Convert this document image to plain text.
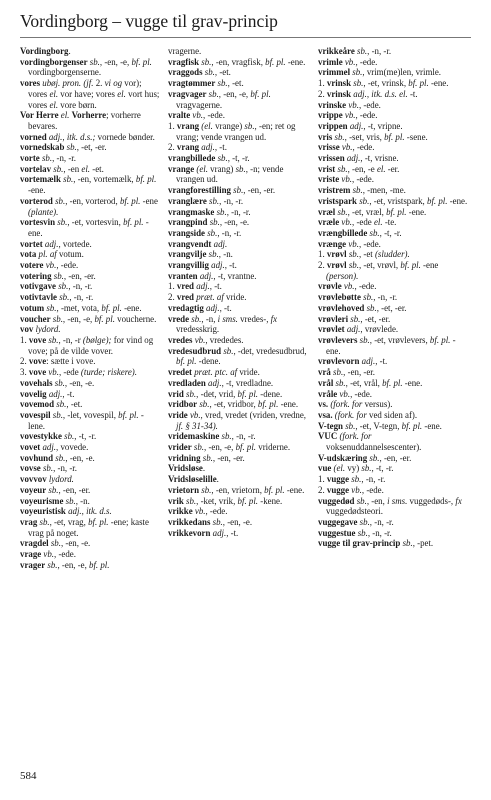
Vordingborg – vugge til grav-princip

Vordingborg.

vordingborgenser sb., -en, -e, bf. pl. vordingborgenserne.

vores ubøj. pron. (jf. 2. vi og vor); vores el. vor have; vores el. vort hus; vores el. vore børn.

Vor Herre el. Vorherre; vorherre bevares.

vorned adj., itk. d.s.; vornede bønder.

vornedskab sb., -et, -er.

vorte sb., -n, -r.

vortelav sb., -en el. -et.

vortemælk sb., -en, vortemælk, bf. pl. -ene.

vorterod sb., -en, vorterod, bf. pl. -ene (plante).

vortesvin sb., -et, vortesvin, bf. pl. -ene.

vortet adj., vortede.

vota pl. af votum.

votere vb., -ede.

votering sb., -en, -er.

votivgave sb., -n, -r.

votivtavle sb., -n, -r.

votum sb., -met, vota, bf. pl. -ene.

voucher sb., -en, -e, bf. pl. voucherne.

vov lydord.

1. vove sb., -n, -r (bølge); for vind og vove; på de vilde vover.

2. vove: sætte i vove.

3. vove vb., -ede (turde; riskere).

vovehals sb., -en, -e.

vovelig adj., -t.

vovemod sb., -et.

vovespil sb., -let, vovespil, bf. pl. -lene.

vovestykke sb., -t, -r.

vovet adj., vovede.

vovhund sb., -en, -e.

vovse sb., -n, -r.

vovvov lydord.

voyeur sb., -en, -er.

voyeurisme sb., -n.

voyeuristisk adj., itk. d.s.

vrag sb., -et, vrag, bf. pl. -ene; kaste vrag på noget.

vragdel sb., -en, -e.

vrage vb., -ede.

vrager sb., -en, -e, bf. pl.

vragerne.

vragfisk sb., -en, vragfisk, bf. pl. -ene.

vraggods sb., -et.

vragtømmer sb., -et.

vragvager sb., -en, -e, bf. pl. vragvagerne.

vralte vb., -ede.

1. vrang (el. vrange) sb., -en; ret og vrang; vende vrangen ud.

2. vrang adj., -t.

vrangbillede sb., -t, -r.

vrange (el. vrang) sb., -n; vende vrangen ud.

vrangforestilling sb., -en, -er.

vranglære sb., -n, -r.

vrangmaske sb., -n, -r.

vrangpind sb., -en, -e.

vrangside sb., -n, -r.

vrangvendt adj.

vrangvilje sb., -n.

vrangvillig adj., -t.

vranten adj., -t, vrantne.

1. vred adj., -t.

2. vred præt. af vride.

vredagtig adj., -t.

vrede sb., -n, i sms. vredes-, fx vredesskrig.

vredes vb., vrededes.

vredesudbrud sb., -det, vredesudbrud, bf. pl. -dene.

vredet præt. ptc. af vride.

vredladen adj., -t, vredladne.

vrid sb., -det, vrid, bf. pl. -dene.

vridbor sb., -et, vridbor, bf. pl. -ene.

vride vb., vred, vredet (vriden, vredne, jf. § 31-34).

vridemaskine sb., -n, -r.

vrider sb., -en, -e, bf. pl. vriderne.

vridning sb., -en, -er.

Vridsløse.

Vridsløselille.

vrietorn sb., -en, vrietorn, bf. pl. -ene.

vrik sb., -ket, vrik, bf. pl. -kene.

vrikke vb., -ede.

vrikkedans sb., -en, -e.

vrikkevorn adj., -t.

vrikkeåre sb., -n, -r.

vrimle vb., -ede.

vrimmel sb., vrim(me)len, vrimle.

1. vrinsk sb., -et, vrinsk, bf. pl. -ene.

2. vrinsk adj., itk. d.s. el. -t.

vrinske vb., -ede.

vrippe vb., -ede.

vrippen adj., -t, vripne.

vris sb., -set, vris, bf. pl. -sene.

vrisse vb., -ede.

vrissen adj., -t, vrisne.

vrist sb., -en, -e el. -er.

vriste vb., -ede.

vristrem sb., -men, -me.

vristspark sb., -et, vristspark, bf. pl. -ene.

vræl sb., -et, vræl, bf. pl. -ene.

vræle vb., -ede el. -te.

vrængbillede sb., -t, -r.

vrænge vb., -ede.

1. vrøvl sb., -et (sludder).

2. vrøvl sb., -et, vrøvl, bf. pl. -ene (person).

vrøvle vb., -ede.

vrøvlebøtte sb., -n, -r.

vrøvlehoved sb., -et, -er.

vrøvleri sb., -et, -er.

vrøvlet adj., vrøvlede.

vrøvlevers sb., -et, vrøvlevers, bf. pl. -ene.

vrøvlevorn adj., -t.

vrå sb., -en, -er.

vrål sb., -et, vrål, bf. pl. -ene.

vråle vb., -ede.

vs. (fork. for versus).

vsa. (fork. for ved siden af).

V-tegn sb., -et, V-tegn, bf. pl. -ene.

VUC (fork. for voksenuddannelsescenter).

V-udskæring sb., -en, -er.

vue (el. vy) sb., -t, -r.

1. vugge sb., -n, -r.

2. vugge vb., -ede.

vuggedød sb., -en, i sms. vuggedøds-, fx vuggedødsteori.

vuggegave sb., -n, -r.

vuggestue sb., -n, -r.

vugge til grav-princip sb., -pet.

584
